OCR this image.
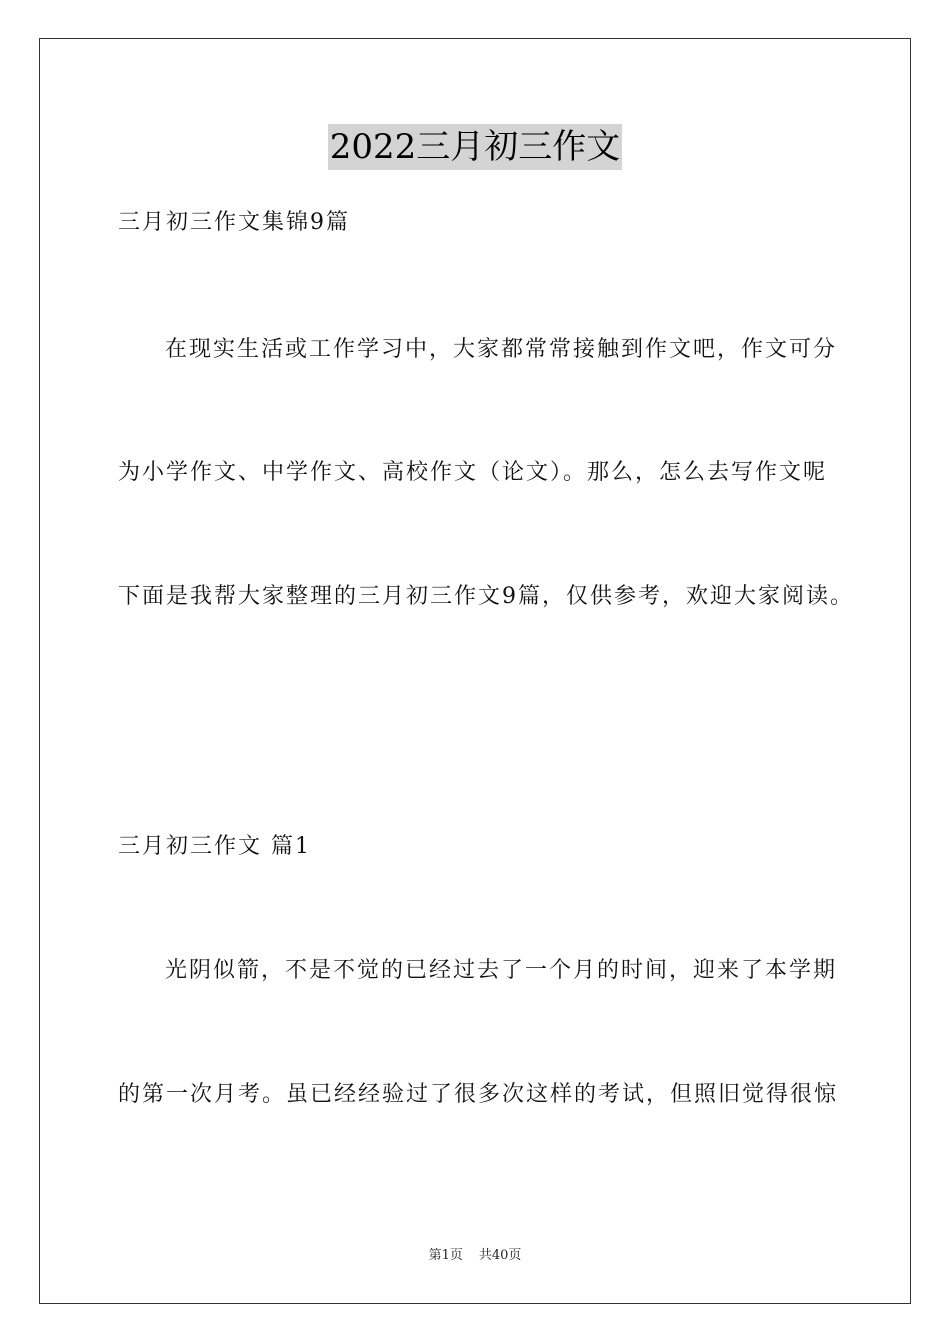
2022三月初三作文
三月初三作文集锦9篇
在现实生活或工作学习中，大家都常常接触到作文吧，作文可分
为小学作文、中学作文、高校作文（论文）。那么，怎么去写作文呢
下面是我帮大家整理的三月初三作文9篇，仅供参考，欢迎大家阅读。
三月初三作文 篇1
光阴似箭，不是不觉的已经过去了一个月的时间，迎来了本学期
的第一次月考。虽已经经验过了很多次这样的考试，但照旧觉得很惊
第1页 共40页
